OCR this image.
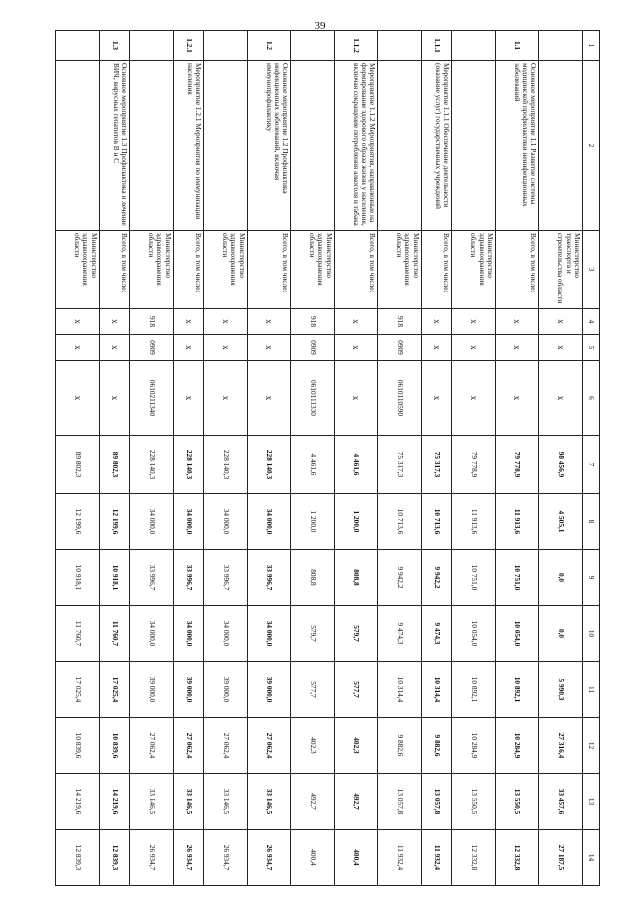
39
1	2	3	4	5	6	7	8	9	10	11	12	13	14
		Министерство транспорта и строительства области	х	х	х	98 456,9	4 505,1	0,0	0,0	5 990,3	27 316,4	33 457,6	27 187,5
1.1	Основное мероприятие 1.1 Развитие системы медицинской профилактики неинфекционных заболеваний	Всего, в том числе:	х	х	х	79 778,9	11 913,6	10 751,0	10 054,0	10 892,1	10 284,9	13 550,5	12 332,8
		Министерство здравоохранения области	х	х	х	79 778,9	11 913,6	10 751,0	10 054,0	10 892,1	10 284,9	13 550,5	12 332,8
1.1.1	Мероприятие 1.1.1 Обеспечение деятельности (оказание услуг) государственных учреждений	Всего, в том числе:	х	х	х	75 317,3	10 713,6	9 942,2	9 474,3	10 314,4	9 882,6	13 057,8	11 932,4
		Министерство здравоохранения области	918	0909	0610110590	75 317,3	10 713,6	9 942,2	9 474,3	10 314,4	9 882,6	13 057,8	11 932,4
1.1.2	Мероприятие 1.1.2 Мероприятия, направленные на формирование здорового образа жизни у населения, включая сокращение потребления алкоголя и табака	Всего, в том числе:	х	х	х	4 461,6	1 200,0	808,8	579,7	577,7	402,3	492,7	400,4
		Министерство здравоохранения области	918	0909	0610111330	4 461,6	1 200,0	808,8	579,7	577,7	402,3	492,7	400,4
1.2	Основное мероприятие 1.2 Профилактика инфекционных заболеваний, включая иммунопрофилактику	Всего, в том числе:	х	х	х	228 140,3	34 000,0	33 996,7	34 000,0	39 000,0	27 062,4	33 146,5	26 934,7
		Министерство здравоохранения области	х	х	х	228 140,3	34 000,0	33 996,7	34 000,0	39 000,0	27 062,4	33 146,5	26 934,7
1.2.1	Мероприятие 1.2.1 Мероприятия по иммунизации населения	Всего, в том числе:	х	х	х	228 140,3	34 000,0	33 996,7	34 000,0	39 000,0	27 062,4	33 146,5	26 934,7
		Министерство здравоохранения области	918	0909	0610211340	228 140,3	34 000,0	33 996,7	34 000,0	39 000,0	27 062,4	33 146,5	26 934,7
1.3	Основное мероприятие 1.3 Профилактика и лечение ВИЧ, вирусных гепатитов В и С	Всего, в том числе:	х	х	х	89 802,3	12 199,6	10 918,1	11 760,7	17 025,4	10 839,6	14 219,6	12 839,3
		Министерство здравоохранения области	х	х	х	89 802,3	12 199,6	10 918,1	11 760,7	17 025,4	10 839,6	14 219,6	12 839,3
